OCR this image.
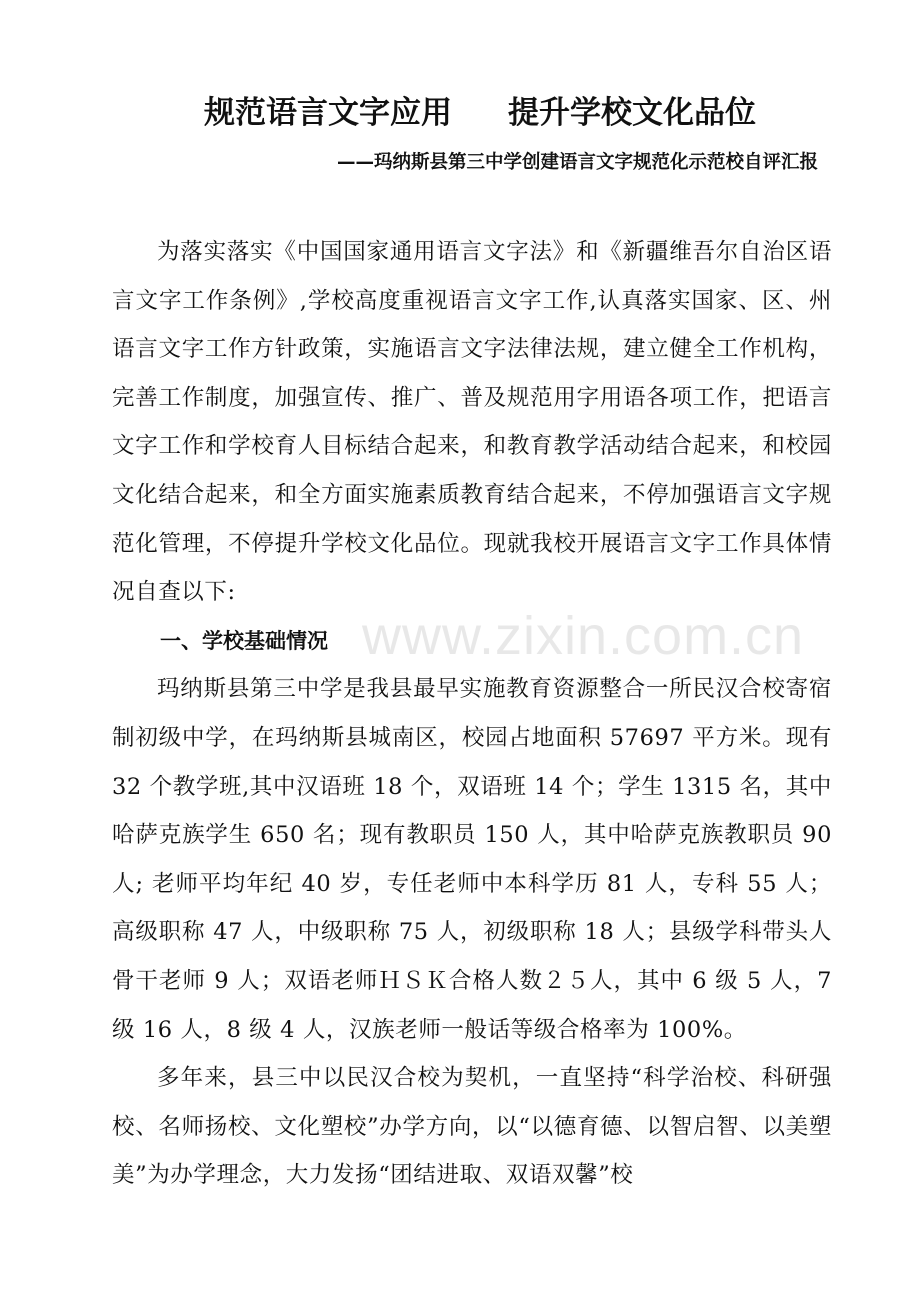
规范语言文字应用 提升学校文化品位
——玛纳斯县第三中学创建语言文字规范化示范校自评汇报

为落实落实《中国国家通用语言文字法》和《新疆维吾尔自治区语言文字工作条例》,学校高度重视语言文字工作,认真落实国家、区、州语言文字工作方针政策，实施语言文字法律法规，建立健全工作机构，完善工作制度，加强宣传、推广、普及规范用字用语各项工作，把语言文字工作和学校育人目标结合起来，和教育教学活动结合起来，和校园文化结合起来，和全方面实施素质教育结合起来，不停加强语言文字规范化管理，不停提升学校文化品位。现就我校开展语言文字工作具体情况自查以下:

一、学校基础情况

玛纳斯县第三中学是我县最早实施教育资源整合一所民汉合校寄宿制初级中学，在玛纳斯县城南区，校园占地面积 57697 平方米。现有 32 个教学班,其中汉语班 18 个，双语班 14 个；学生 1315 名，其中哈萨克族学生 650 名；现有教职员 150 人，其中哈萨克族教职员 90 人; 老师平均年纪 40 岁，专任老师中本科学历 81 人，专科 55 人；高级职称 47 人，中级职称 75 人，初级职称 18 人；县级学科带头人骨干老师 9 人；双语老师ＨＳＫ合格人数２５人，其中 6 级 5 人，7 级 16 人，8 级 4 人，汉族老师一般话等级合格率为 100%。

多年来，县三中以民汉合校为契机，一直坚持“科学治校、科研强校、名师扬校、文化塑校”办学方向，以“以德育德、以智启智、以美塑美”为办学理念，大力发扬“团结进取、双语双馨”校

www.zixin.com.cn
